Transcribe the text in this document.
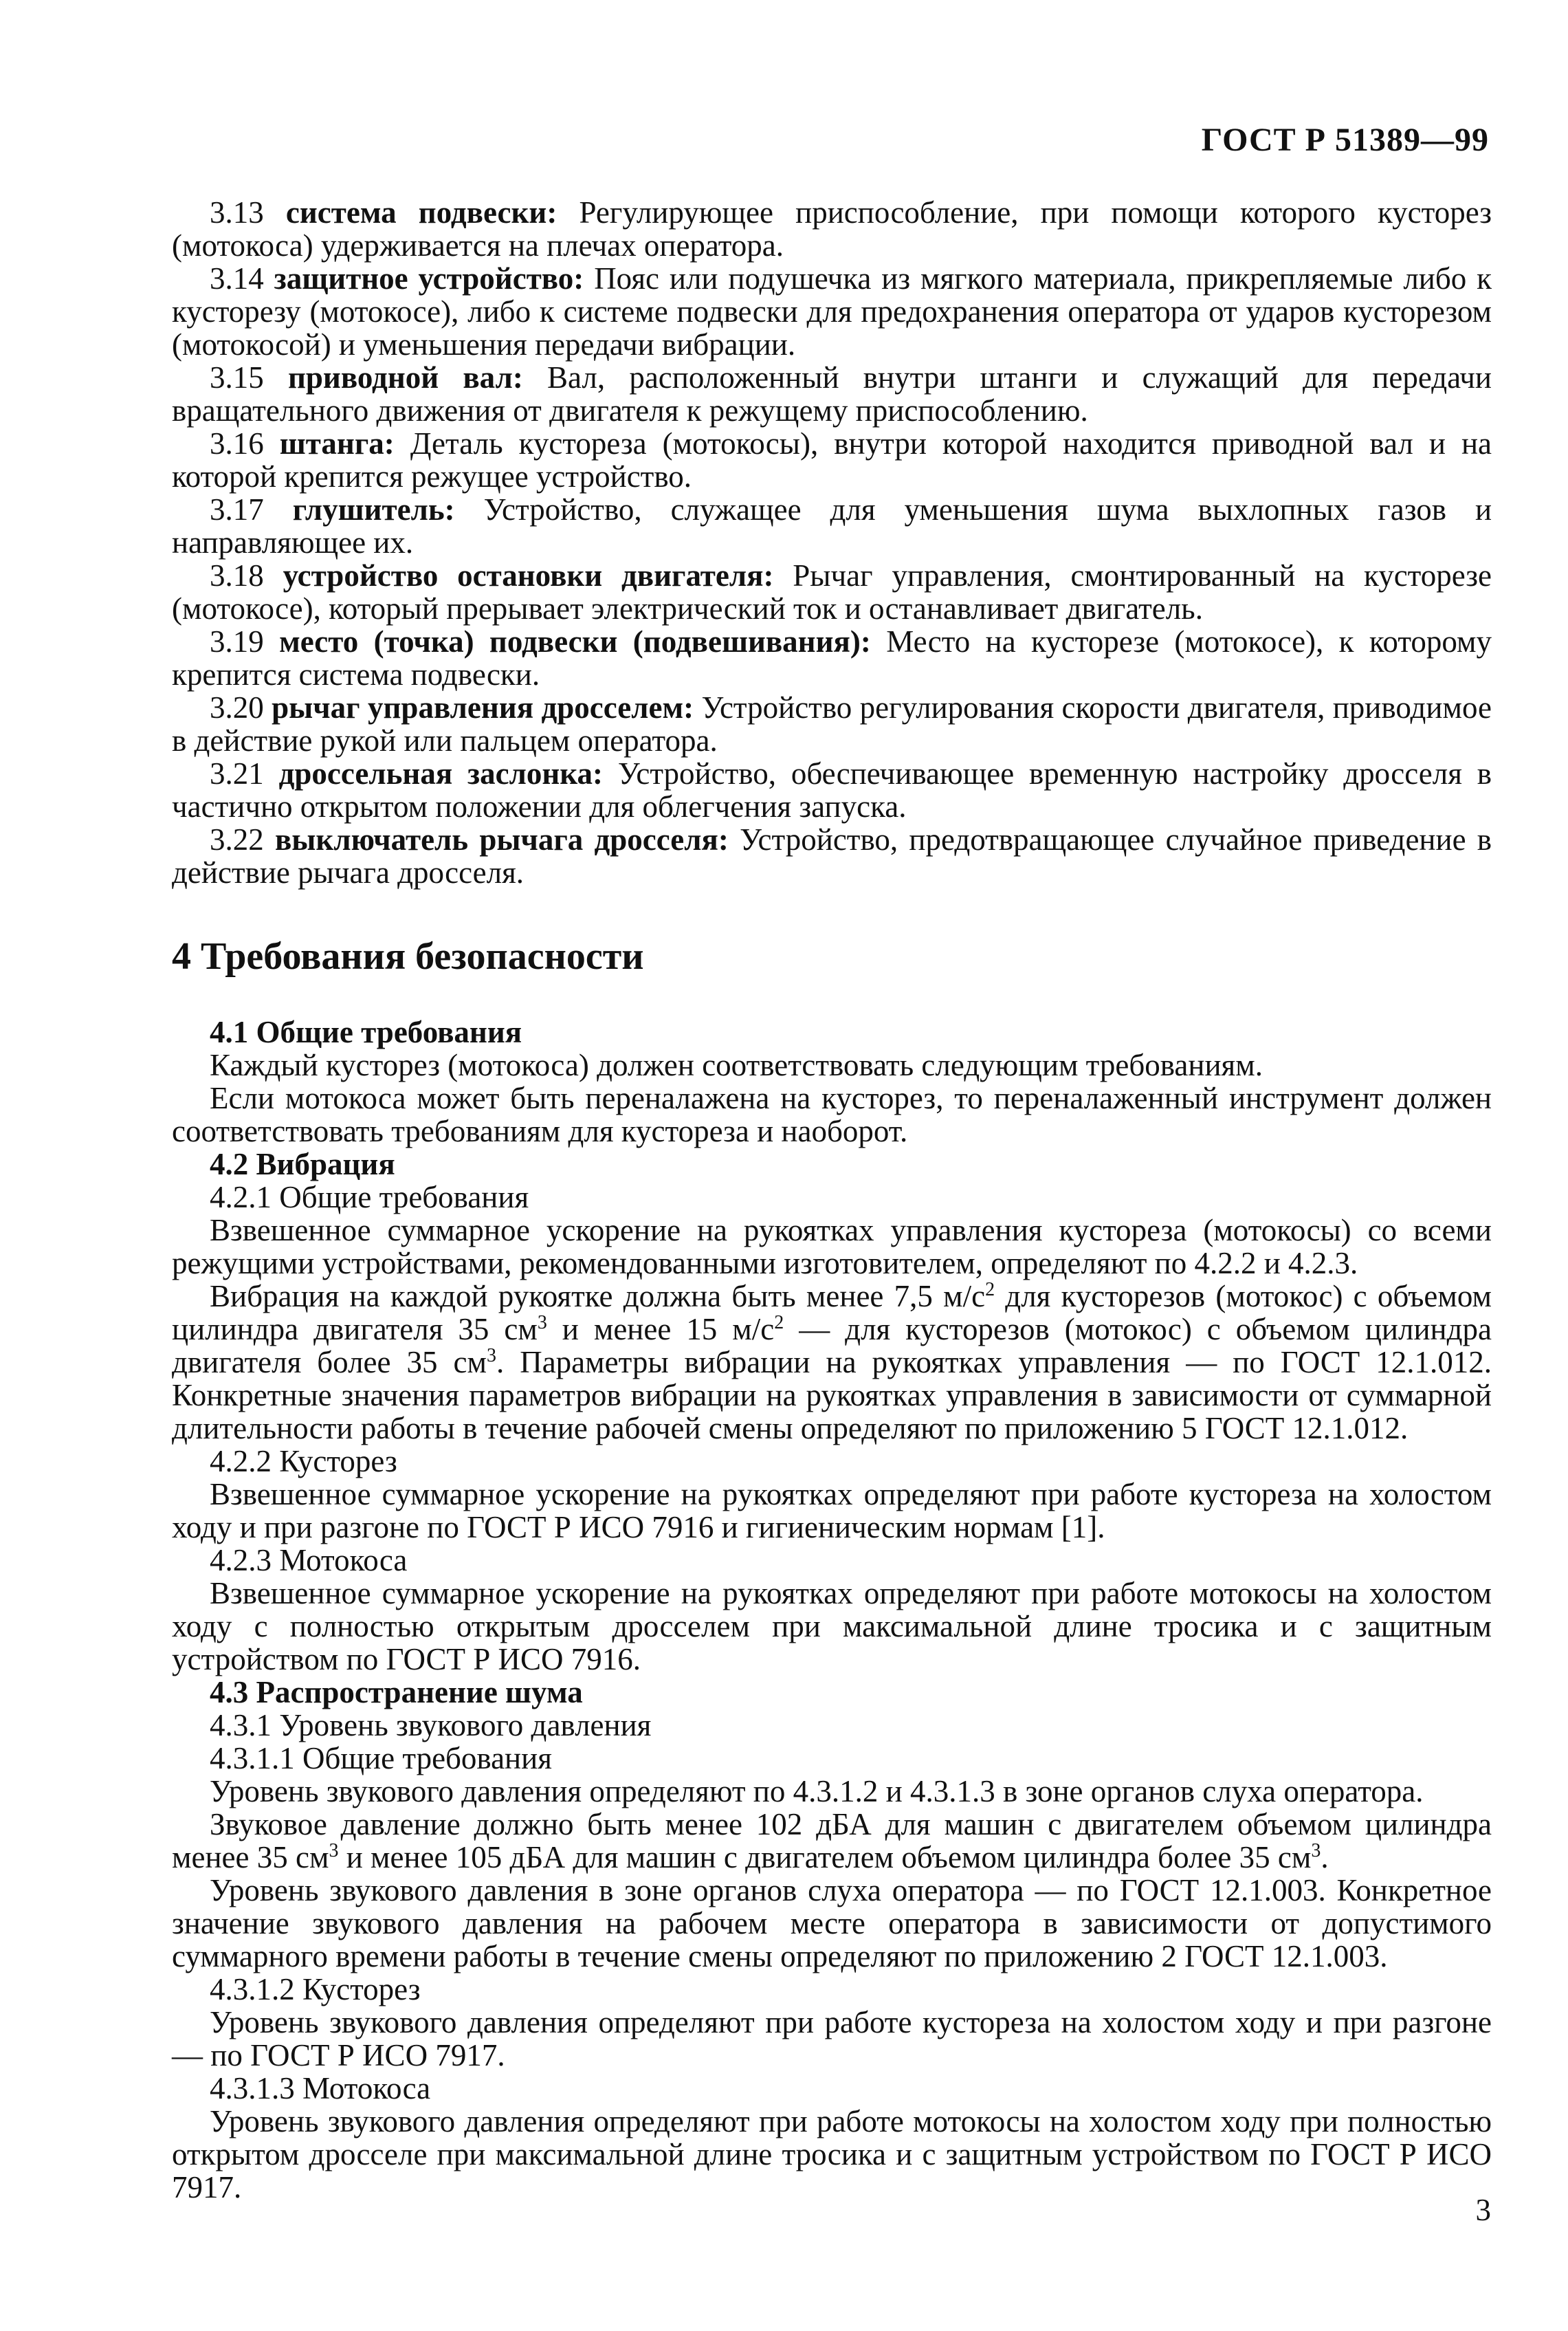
ГОСТ Р 51389—99

3.13 система подвески: Регулирующее приспособление, при помощи которого кусторез (мотокоса) удерживается на плечах оператора.

3.14 защитное устройство: Пояс или подушечка из мягкого материала, прикрепляемые либо к кусторезу (мотокосе), либо к системе подвески для предохранения оператора от ударов кусторезом (мотокосой) и уменьшения передачи вибрации.

3.15 приводной вал: Вал, расположенный внутри штанги и служащий для передачи вращательного движения от двигателя к режущему приспособлению.

3.16 штанга: Деталь кустореза (мотокосы), внутри которой находится приводной вал и на которой крепится режущее устройство.

3.17 глушитель: Устройство, служащее для уменьшения шума выхлопных газов и направляющее их.

3.18 устройство остановки двигателя: Рычаг управления, смонтированный на кусторезе (мотокосе), который прерывает электрический ток и останавливает двигатель.

3.19 место (точка) подвески (подвешивания): Место на кусторезе (мотокосе), к которому крепится система подвески.

3.20 рычаг управления дросселем: Устройство регулирования скорости двигателя, приводимое в действие рукой или пальцем оператора.

3.21 дроссельная заслонка: Устройство, обеспечивающее временную настройку дросселя в частично открытом положении для облегчения запуска.

3.22 выключатель рычага дросселя: Устройство, предотвращающее случайное приведение в действие рычага дросселя.

4 Требования безопасности

4.1 Общие требования

Каждый кусторез (мотокоса) должен соответствовать следующим требованиям.

Если мотокоса может быть переналажена на кусторез, то переналаженный инструмент должен соответствовать требованиям для кустореза и наоборот.

4.2 Вибрация

4.2.1 Общие требования

Взвешенное суммарное ускорение на рукоятках управления кустореза (мотокосы) со всеми режущими устройствами, рекомендованными изготовителем, определяют по 4.2.2 и 4.2.3.

Вибрация на каждой рукоятке должна быть менее 7,5 $м/с^2$ для кусторезов (мотокос) с объемом цилиндра двигателя 35 $см^3$ и менее 15 $м/с^2$ — для кусторезов (мотокос) с объемом цилиндра двигателя более 35 $см^3$. Параметры вибрации на рукоятках управления — по ГОСТ 12.1.012. Конкретные значения параметров вибрации на рукоятках управления в зависимости от суммарной длительности работы в течение рабочей смены определяют по приложению 5 ГОСТ 12.1.012.

4.2.2 Кусторез

Взвешенное суммарное ускорение на рукоятках определяют при работе кустореза на холостом ходу и при разгоне по ГОСТ Р ИСО 7916 и гигиеническим нормам [1].

4.2.3 Мотокоса

Взвешенное суммарное ускорение на рукоятках определяют при работе мотокосы на холостом ходу с полностью открытым дросселем при максимальной длине тросика и с защитным устройством по ГОСТ Р ИСО 7916.

4.3 Распространение шума

4.3.1 Уровень звукового давления

4.3.1.1 Общие требования

Уровень звукового давления определяют по 4.3.1.2 и 4.3.1.3 в зоне органов слуха оператора.

Звуковое давление должно быть менее 102 дБА для машин с двигателем объемом цилиндра менее 35 $см^3$ и менее 105 дБА для машин с двигателем объемом цилиндра более 35 $см^3$.

Уровень звукового давления в зоне органов слуха оператора — по ГОСТ 12.1.003. Конкретное значение звукового давления на рабочем месте оператора в зависимости от допустимого суммарного времени работы в течение смены определяют по приложению 2 ГОСТ 12.1.003.

4.3.1.2 Кусторез

Уровень звукового давления определяют при работе кустореза на холостом ходу и при разгоне — по ГОСТ Р ИСО 7917.

4.3.1.3 Мотокоса

Уровень звукового давления определяют при работе мотокосы на холостом ходу при полностью открытом дросселе при максимальной длине тросика и с защитным устройством по ГОСТ Р ИСО 7917.

3
